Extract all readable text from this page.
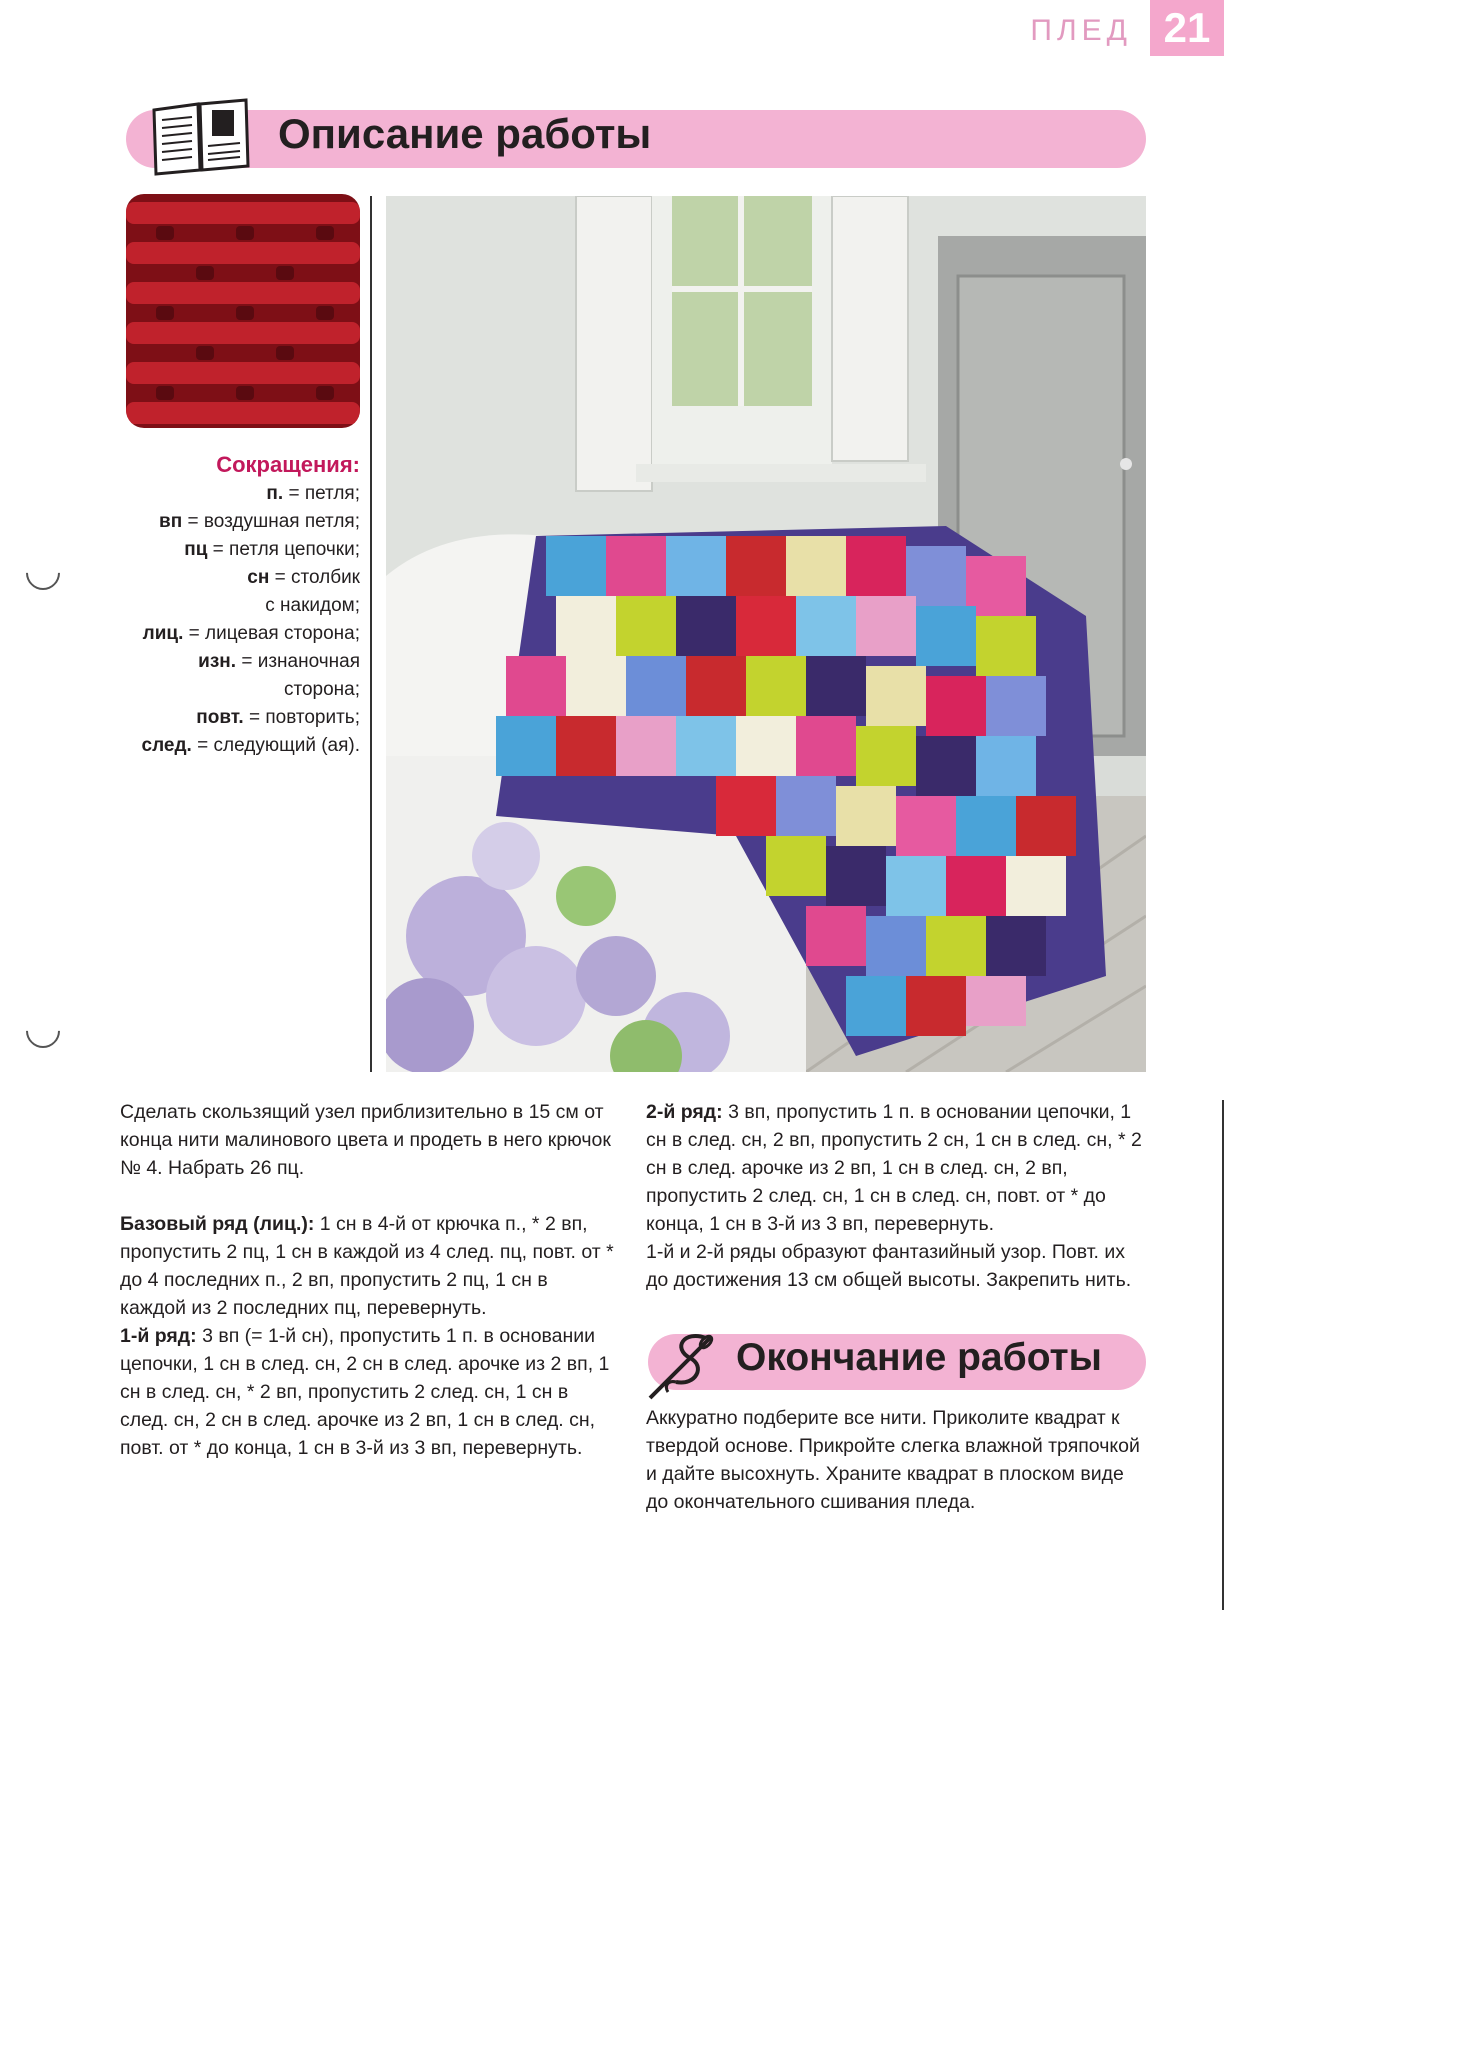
ПЛЕД 21
Описание работы
Сокращения:
п. = петля;
вп = воздушная петля;
пц = петля цепочки;
сн = столбик
с накидом;
лиц. = лицевая сторона;
изн. = изнаночная
сторона;
повт. = повторить;
след. = следующий (ая).

Сделать скользящий узел приблизительно в 15 см от конца нити малинового цвета и продеть в него крючок № 4. Набрать 26 пц.

Базовый ряд (лиц.): 1 сн в 4-й от крючка п., * 2 вп, пропустить 2 пц, 1 сн в каждой из 4 след. пц, повт. от * до 4 последних п., 2 вп, пропустить 2 пц, 1 сн в каждой из 2 последних пц, перевернуть.

1-й ряд: 3 вп (= 1-й сн), пропустить 1 п. в основании цепочки, 1 сн в след. сн, 2 сн в след. арочке из 2 вп, 1 сн в след. сн, * 2 вп, пропустить 2 след. сн, 1 сн в след. сн, 2 сн в след. арочке из 2 вп, 1 сн в след. сн, повт. от * до конца, 1 сн в 3-й из 3 вп, перевернуть.

2-й ряд: 3 вп, пропустить 1 п. в основании цепочки, 1 сн в след. сн, 2 вп, пропустить 2 сн, 1 сн в след. сн, * 2 сн в след. арочке из 2 вп, 1 сн в след. сн, 2 вп, пропустить 2 след. сн, 1 сн в след. сн, повт. от * до конца, 1 сн в 3-й из 3 вп, перевернуть.

1-й и 2-й ряды образуют фантазийный узор. Повт. их до достижения 13 см общей высоты. Закрепить нить.

Окончание работы
Аккуратно подберите все нити. Приколите квадрат к твердой основе. Прикройте слегка влажной тряпочкой и дайте высохнуть. Храните квадрат в плоском виде до окончательного сшивания пледа.
